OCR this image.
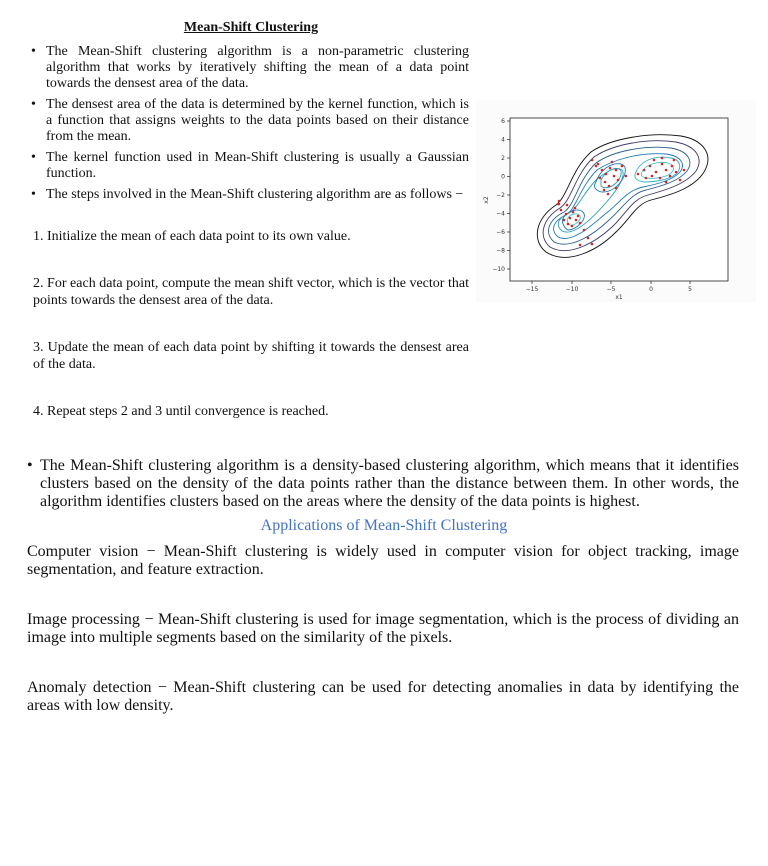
Mean-Shift Clustering
• The Mean-Shift clustering algorithm is a non-parametric clustering algorithm that works by iteratively shifting the mean of a data point towards the densest area of the data.
• The densest area of the data is determined by the kernel function, which is a function that assigns weights to the data points based on their distance from the mean.
• The kernel function used in Mean-Shift clustering is usually a Gaussian function.
• The steps involved in the Mean-Shift clustering algorithm are as follows −
1. Initialize the mean of each data point to its own value.
2. For each data point, compute the mean shift vector, which is the vector that points towards the densest area of the data.
3. Update the mean of each data point by shifting it towards the densest area of the data.
4. Repeat steps 2 and 3 until convergence is reached.
−15	−10	−5	0	5
x1
6
4
2
0
−2
−4
−6
−8
−10
x2
• The Mean-Shift clustering algorithm is a density-based clustering algorithm, which means that it identifies clusters based on the density of the data points rather than the distance between them. In other words, the algorithm identifies clusters based on the areas where the density of the data points is highest.
Applications of Mean-Shift Clustering
Computer vision − Mean-Shift clustering is widely used in computer vision for object tracking, image segmentation, and feature extraction.
Image processing − Mean-Shift clustering is used for image segmentation, which is the process of dividing an image into multiple segments based on the similarity of the pixels.
Anomaly detection − Mean-Shift clustering can be used for detecting anomalies in data by identifying the areas with low density.
